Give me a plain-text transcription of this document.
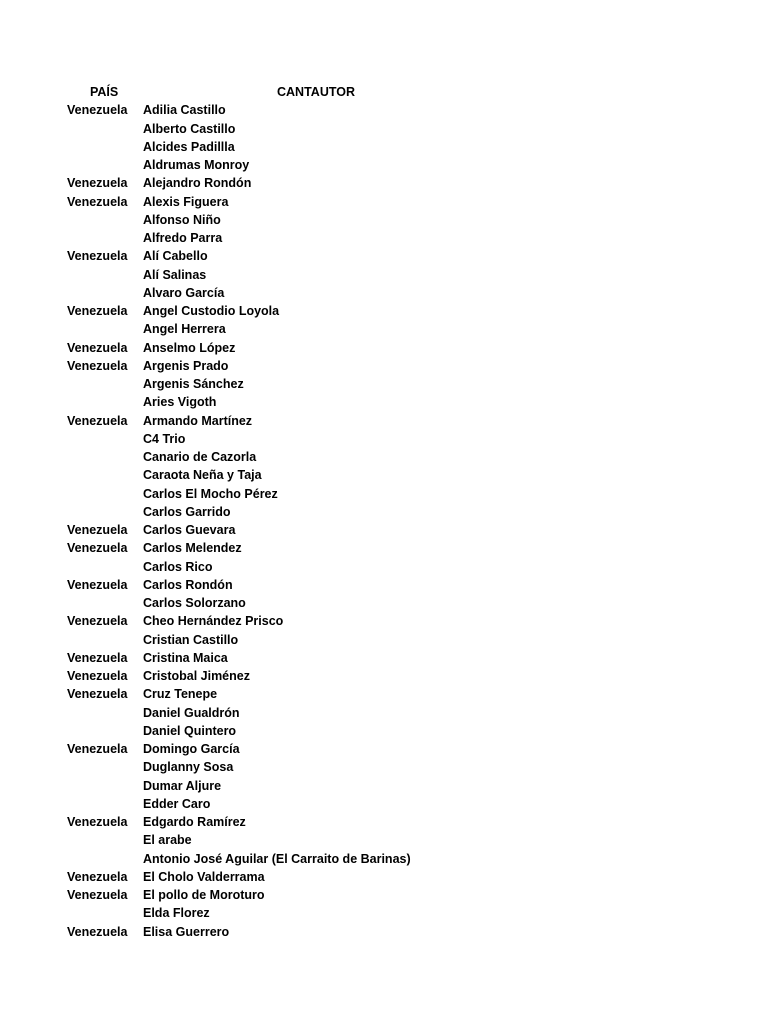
PAÍS	CANTAUTOR
Venezuela Adilia Castillo
Alberto Castillo
Alcides Padillla
Aldrumas Monroy
Venezuela Alejandro Rondón
Venezuela Alexis Figuera
Alfonso Niño
Alfredo Parra
Venezuela Alí Cabello
Alí Salinas
Alvaro García
Venezuela Angel Custodio Loyola
Angel Herrera
Venezuela Anselmo López
Venezuela Argenis Prado
Argenis Sánchez
Aries Vigoth
Venezuela Armando Martínez
C4 Trio
Canario de Cazorla
Caraota Neña y Taja
Carlos El Mocho Pérez
Carlos Garrido
Venezuela Carlos Guevara
Venezuela Carlos Melendez
Carlos Rico
Venezuela Carlos Rondón
Carlos Solorzano
Venezuela Cheo Hernández Prisco
Cristian Castillo
Venezuela Cristina Maica
Venezuela Cristobal Jiménez
Venezuela Cruz Tenepe
Daniel Gualdrón
Daniel Quintero
Venezuela Domingo García
Duglanny Sosa
Dumar Aljure
Edder Caro
Venezuela Edgardo Ramírez
El arabe
Antonio José Aguilar (El Carraito de Barinas)
Venezuela El Cholo Valderrama
Venezuela El pollo de Moroturo
Elda Florez
Venezuela Elisa Guerrero
